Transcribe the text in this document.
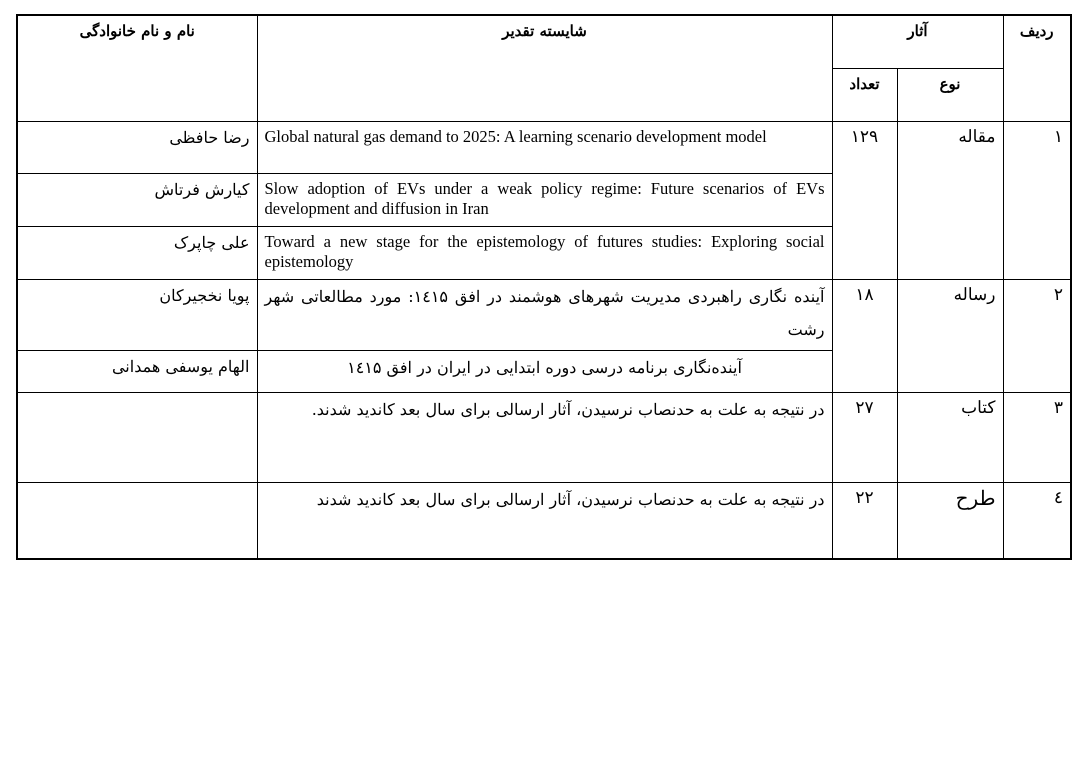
ردیف	آثار		شایسته تقدیر	نام و نام خانوادگی
	نوع	تعداد		
۱	مقاله	۱۲۹	Global natural gas demand to 2025: A learning scenario development model	رضا حافظی
			Slow adoption of EVs under a weak policy regime: Future scenarios of EVs development and diffusion in Iran	کیارش فرتاش
			Toward a new stage for the epistemology of futures studies: Exploring social epistemology	علی چاپرک
۲	رساله	۱۸	آینده نگاری راهبردی مدیریت شهرهای هوشمند در افق ۱٤۱۵: مورد مطالعاتی شهر رشت	پویا نخجیرکان
			آینده‌نگاری برنامه درسی دوره ابتدایی در ایران در افق ۱٤۱۵	الهام یوسفی همدانی
۳	کتاب	۲۷	در نتیجه به علت به حدنصاب نرسیدن، آثار ارسالی برای سال بعد کاندید شدند.	
٤	طرح	۲۲	در نتیجه به علت به حدنصاب نرسیدن، آثار ارسالی برای سال بعد کاندید شدند	
